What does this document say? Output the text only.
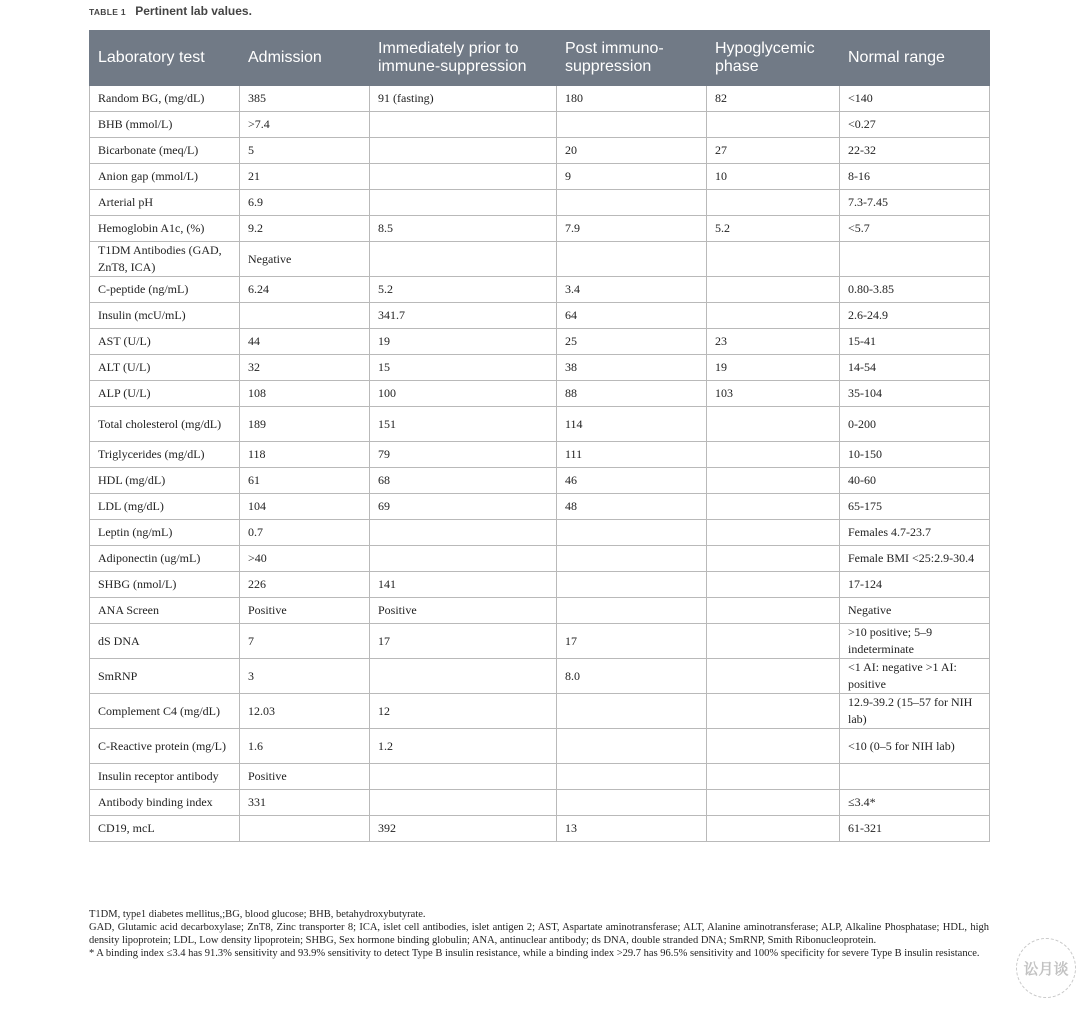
TABLE 1 Pertinent lab values.
Laboratory test	Admission	Immediately prior to immune-suppression	Post immuno-suppression	Hypoglycemic phase	Normal range
Random BG, (mg/dL)	385	91 (fasting)	180	82	<140
BHB (mmol/L)	>7.4				<0.27
Bicarbonate (meq/L)	5		20	27	22-32
Anion gap (mmol/L)	21		9	10	8-16
Arterial pH	6.9				7.3-7.45
Hemoglobin A1c, (%)	9.2	8.5	7.9	5.2	<5.7
T1DM Antibodies (GAD, ZnT8, ICA)	Negative				
C-peptide (ng/mL)	6.24	5.2	3.4		0.80-3.85
Insulin (mcU/mL)		341.7	64		2.6-24.9
AST (U/L)	44	19	25	23	15-41
ALT (U/L)	32	15	38	19	14-54
ALP (U/L)	108	100	88	103	35-104
Total cholesterol (mg/dL)	189	151	114		0-200
Triglycerides (mg/dL)	118	79	111		10-150
HDL (mg/dL)	61	68	46		40-60
LDL (mg/dL)	104	69	48		65-175
Leptin (ng/mL)	0.7				Females 4.7-23.7
Adiponectin (ug/mL)	>40				Female BMI <25:2.9-30.4
SHBG (nmol/L)	226	141			17-124
ANA Screen	Positive	Positive			Negative
dS DNA	7	17	17		>10 positive; 5–9 indeterminate
SmRNP	3		8.0		<1 AI: negative >1 AI: positive
Complement C4 (mg/dL)	12.03	12			12.9-39.2 (15–57 for NIH lab)
C-Reactive protein (mg/L)	1.6	1.2			<10 (0–5 for NIH lab)
Insulin receptor antibody	Positive				
Antibody binding index	331				≤3.4*
CD19, mcL		392	13		61-321

T1DM, type1 diabetes mellitus,;BG, blood glucose; BHB, betahydroxybutyrate.

GAD, Glutamic acid decarboxylase; ZnT8, Zinc transporter 8; ICA, islet cell antibodies, islet antigen 2; AST, Aspartate aminotransferase; ALT, Alanine aminotransferase; ALP, Alkaline Phosphatase; HDL, high density lipoprotein; LDL, Low density lipoprotein; SHBG, Sex hormone binding globulin; ANA, antinuclear antibody; ds DNA, double stranded DNA; SmRNP, Smith Ribonucleoprotein.

* A binding index ≤3.4 has 91.3% sensitivity and 93.9% sensitivity to detect Type B insulin resistance, while a binding index >29.7 has 96.5% sensitivity and 100% specificity for severe Type B insulin resistance.

讼月谈
